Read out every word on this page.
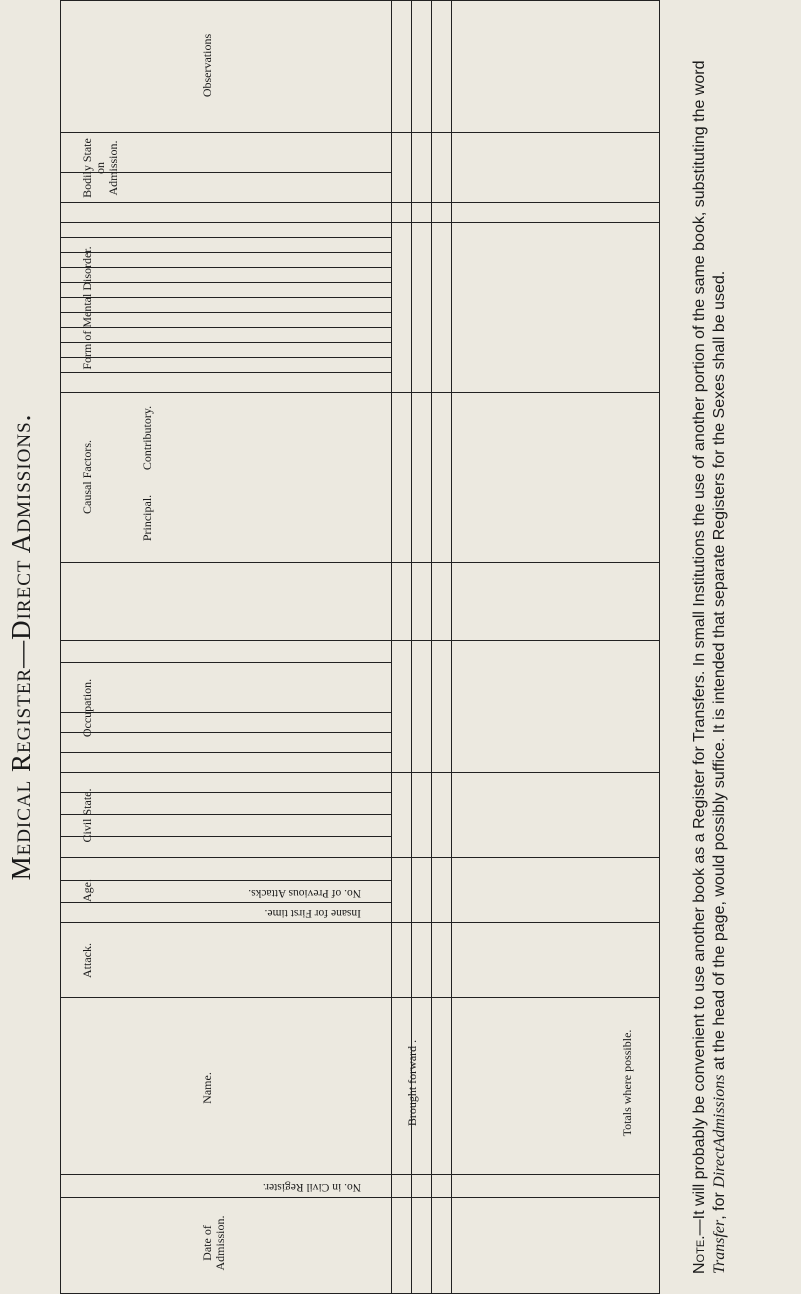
Medical Register—Direct Admissions.
Date of Admission.
No. in Civil Register.
Name.	Brought forward .	Totals where possible.
Attack.
Insane for First time.
No. of Previous Attacks.
Age.
Civil State.
Occupation.
Causal Factors.
Principal.
Contributory.
Form of Mental Disorder.
Bodily State on Admission.
Observations
Note.—It will probably be convenient to use another book as a Register for Transfers. In small Institutions the use of another portion of the same book, substituting the word Transfer, for DirectAdmissions at the head of the page, would possibly suffice. It is intended that separate Registers for the Sexes shall be used.
